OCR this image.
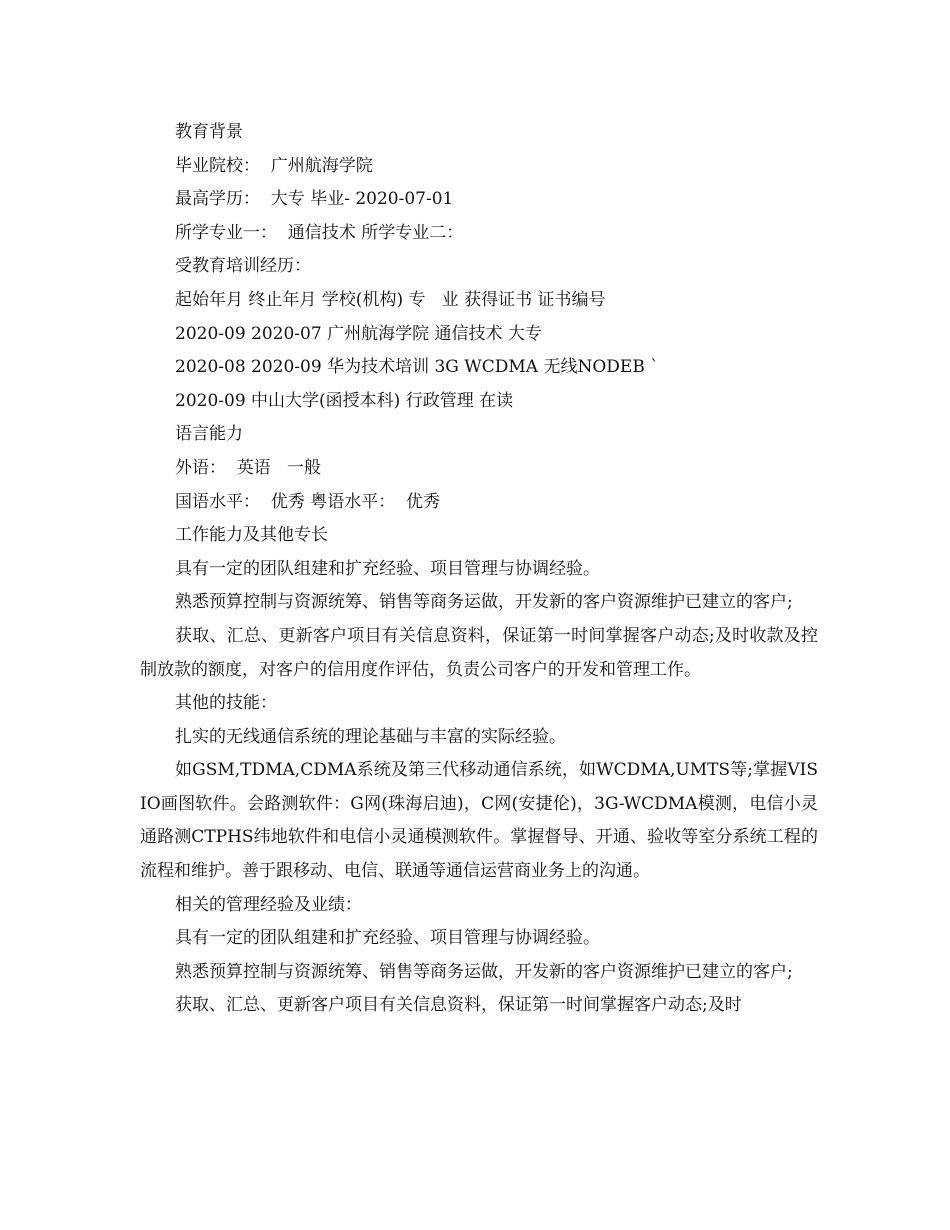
教育背景
毕业院校：  广州航海学院
最高学历：  大专 毕业- 2020-07-01
所学专业一：  通信技术 所学专业二：
受教育培训经历：
起始年月 终止年月 学校(机构) 专   业 获得证书 证书编号
2020-09 2020-07 广州航海学院 通信技术 大专
2020-08 2020-09 华为技术培训 3G WCDMA 无线NODEB `
2020-09 中山大学(函授本科) 行政管理 在读
语言能力
外语：  英语   一般
国语水平：  优秀 粤语水平：  优秀
工作能力及其他专长

具有一定的团队组建和扩充经验、项目管理与协调经验。

熟悉预算控制与资源统筹、销售等商务运做，开发新的客户资源维护已建立的客户;

获取、汇总、更新客户项目有关信息资料，保证第一时间掌握客户动态;及时收款及控制放款的额度，对客户的信用度作评估，负责公司客户的开发和管理工作。

其他的技能：

扎实的无线通信系统的理论基础与丰富的实际经验。

如GSM,TDMA,CDMA系统及第三代移动通信系统，如WCDMA,UMTS等;掌握VISIO画图软件。会路测软件：G网(珠海启迪)，C网(安捷伦)，3G-WCDMA模测，电信小灵通路测CTPHS纬地软件和电信小灵通模测软件。掌握督导、开通、验收等室分系统工程的流程和维护。善于跟移动、电信、联通等通信运营商业务上的沟通。

相关的管理经验及业绩：

具有一定的团队组建和扩充经验、项目管理与协调经验。

熟悉预算控制与资源统筹、销售等商务运做，开发新的客户资源维护已建立的客户;

获取、汇总、更新客户项目有关信息资料，保证第一时间掌握客户动态;及时
